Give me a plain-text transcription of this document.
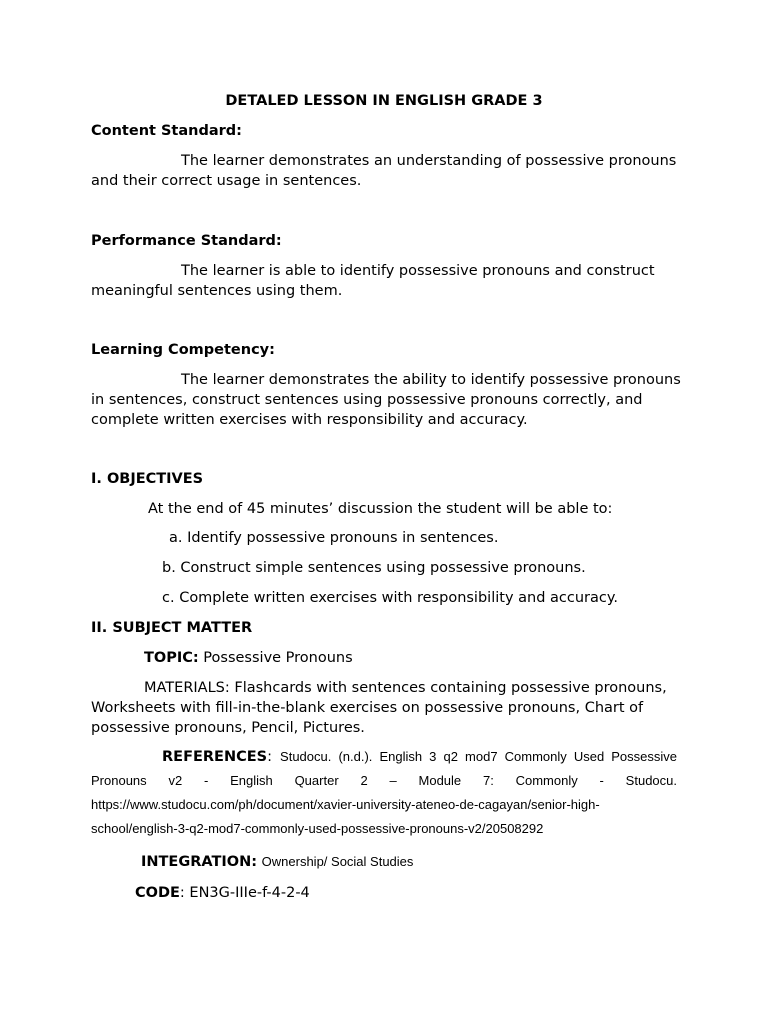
DETALED LESSON IN ENGLISH GRADE 3
Content Standard:
The learner demonstrates an understanding of possessive pronouns and their correct usage in sentences.
Performance Standard:
The learner is able to identify possessive pronouns and construct meaningful sentences using them.
Learning Competency:
The learner demonstrates the ability to identify possessive pronouns in sentences, construct sentences using possessive pronouns correctly, and complete written exercises with responsibility and accuracy.
I. OBJECTIVES
At the end of 45 minutes’ discussion the student will be able to:
a. Identify possessive pronouns in sentences.
b. Construct simple sentences using possessive pronouns.
c. Complete written exercises with responsibility and accuracy.
II. SUBJECT MATTER
TOPIC: Possessive Pronouns
MATERIALS: Flashcards with sentences containing possessive pronouns, Worksheets with fill-in-the-blank exercises on possessive pronouns, Chart of possessive pronouns, Pencil, Pictures.
REFERENCES: Studocu. (n.d.). English 3 q2 mod7 Commonly Used Possessive Pronouns v2 - English Quarter 2 – Module 7: Commonly - Studocu. https://www.studocu.com/ph/document/xavier-university-ateneo-de-cagayan/senior-high-school/english-3-q2-mod7-commonly-used-possessive-pronouns-v2/20508292
INTEGRATION: Ownership/ Social Studies
CODE: EN3G-IIIe-f-4-2-4
